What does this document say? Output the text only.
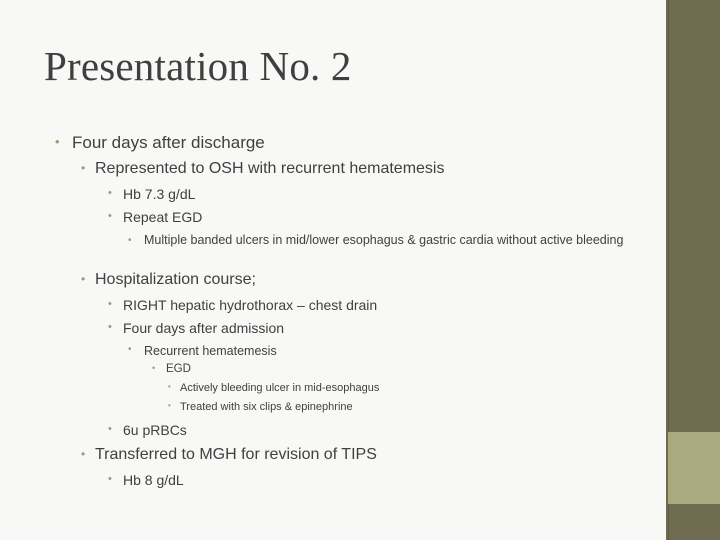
Presentation No. 2
• Four days after discharge
• Represented to OSH with recurrent hematemesis
• Hb 7.3 g/dL
• Repeat EGD
• Multiple banded ulcers in mid/lower esophagus & gastric cardia without active bleeding
• Hospitalization course;
• RIGHT hepatic hydrothorax – chest drain
• Four days after admission
• Recurrent hematemesis
• EGD
• Actively bleeding ulcer in mid-esophagus
• Treated with six clips & epinephrine
• 6u pRBCs
• Transferred to MGH for revision of TIPS
• Hb 8 g/dL
